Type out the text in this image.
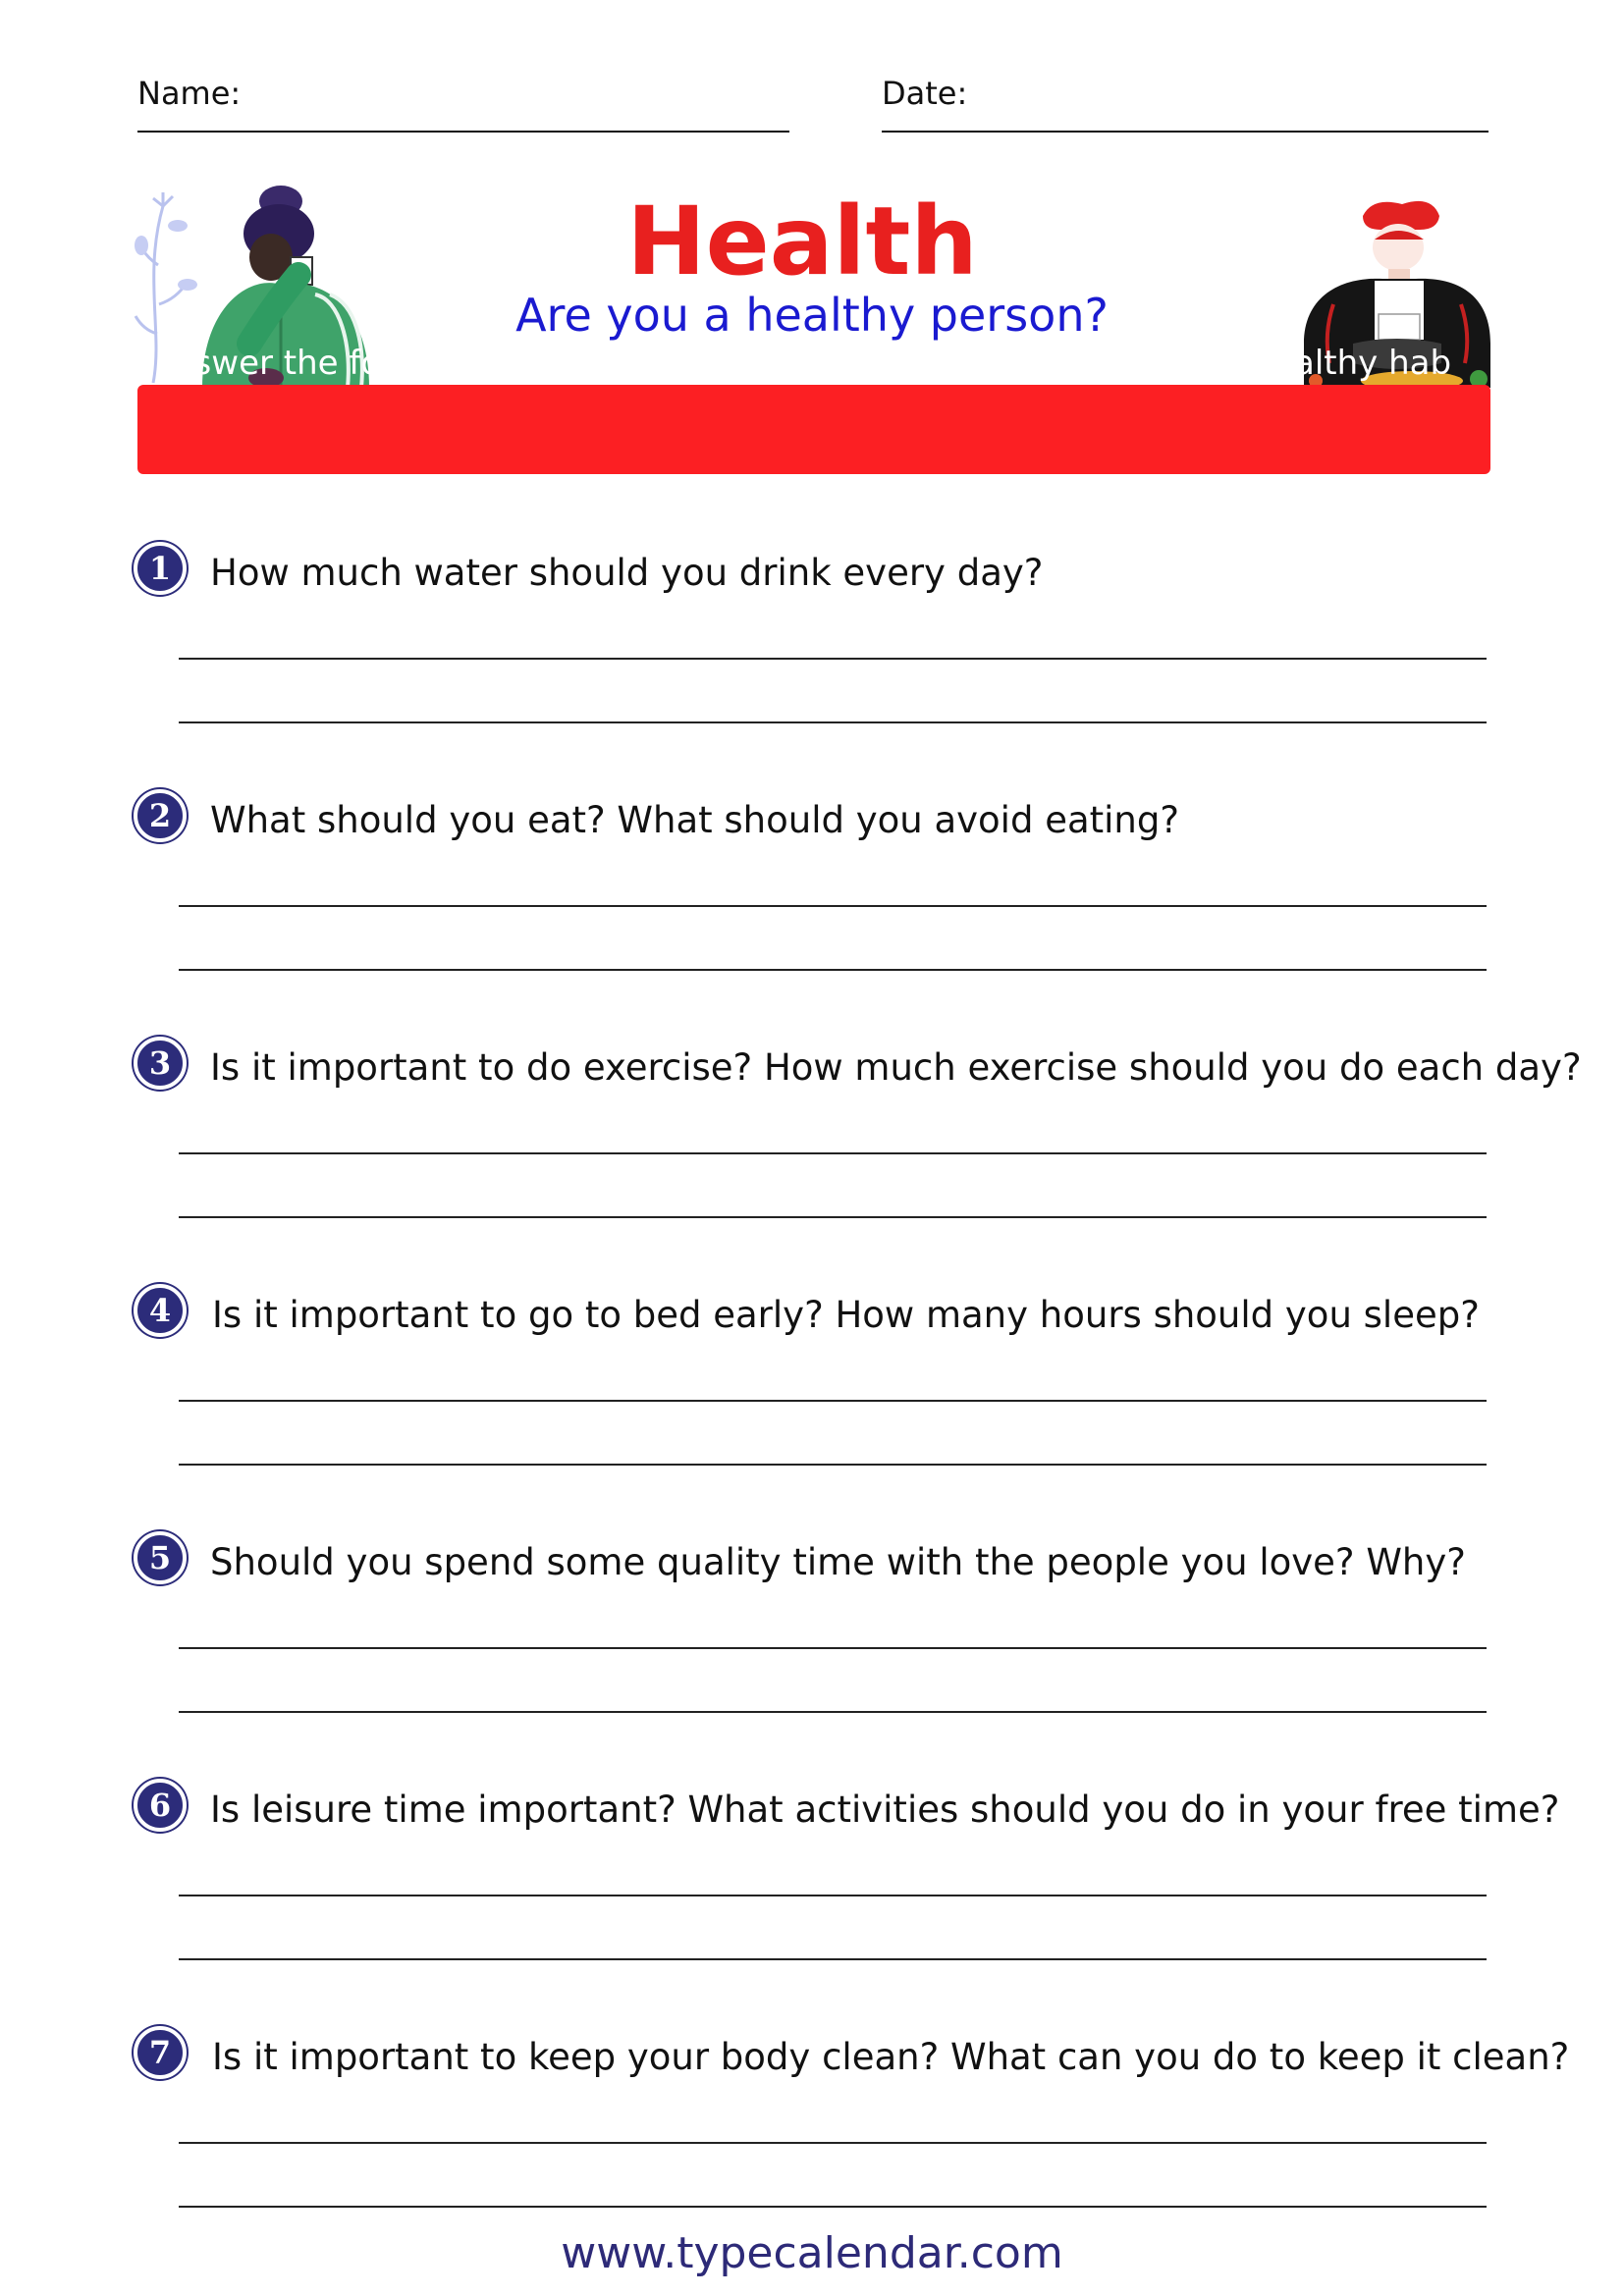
Name:	Date:
Health
Are you a healthy person?
nswer the fol	althy hab
1	How much water should you drink every day?
2	What should you eat? What should you avoid eating?
3	Is it important to do exercise? How much exercise should you do each day?
4	Is it important to go to bed early? How many hours should you sleep?
5	Should you spend some quality time with the people you love? Why?
6	Is leisure time important? What activities should you do in your free time?
7	Is it important to keep your body clean? What can you do to keep it clean?
www.typecalendar.com
